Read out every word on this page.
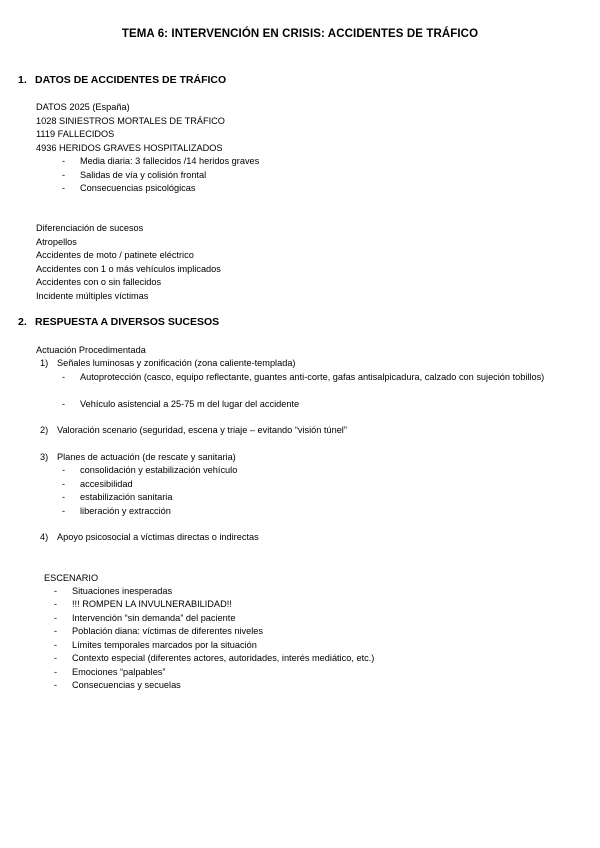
TEMA 6: INTERVENCIÓN EN CRISIS: ACCIDENTES DE TRÁFICO
1. DATOS DE ACCIDENTES DE TRÁFICO
DATOS 2025 (España)
1028 SINIESTROS MORTALES DE TRÁFICO
1119 FALLECIDOS
4936 HERIDOS GRAVES HOSPITALIZADOS
- Media diaria: 3 fallecidos /14 heridos graves
- Salidas de vía y colisión frontal
- Consecuencias psicológicas
Diferenciación de sucesos
Atropellos
Accidentes de moto / patinete eléctrico
Accidentes con 1 o más vehículos implicados
Accidentes con o sin fallecidos
Incidente múltiples víctimas
2. RESPUESTA A DIVERSOS SUCESOS
Actuación Procedimentada
1) Señales luminosas y zonificación (zona caliente-templada)
- Autoprotección (casco, equipo reflectante, guantes anti-corte, gafas antisalpicadura, calzado con sujeción tobillos)
- Vehículo asistencial a 25-75 m del lugar del accidente
2) Valoración scenario (seguridad, escena y triaje – evitando “visión túnel”
3) Planes de actuación (de rescate y sanitaria)
- consolidación y estabilización vehículo
- accesibilidad
- estabilización sanitaria
- liberación y extracción
4) Apoyo psicosocial a víctimas directas o indirectas
ESCENARIO
- Situaciones inesperadas
- !!! ROMPEN LA INVULNERABILIDAD!!
- Intervención “sin demanda” del paciente
- Población diana: víctimas de diferentes niveles
- Límites temporales marcados por la situación
- Contexto especial (diferentes actores, autoridades, interés mediático, etc.)
- Emociones “palpables”
- Consecuencias y secuelas
